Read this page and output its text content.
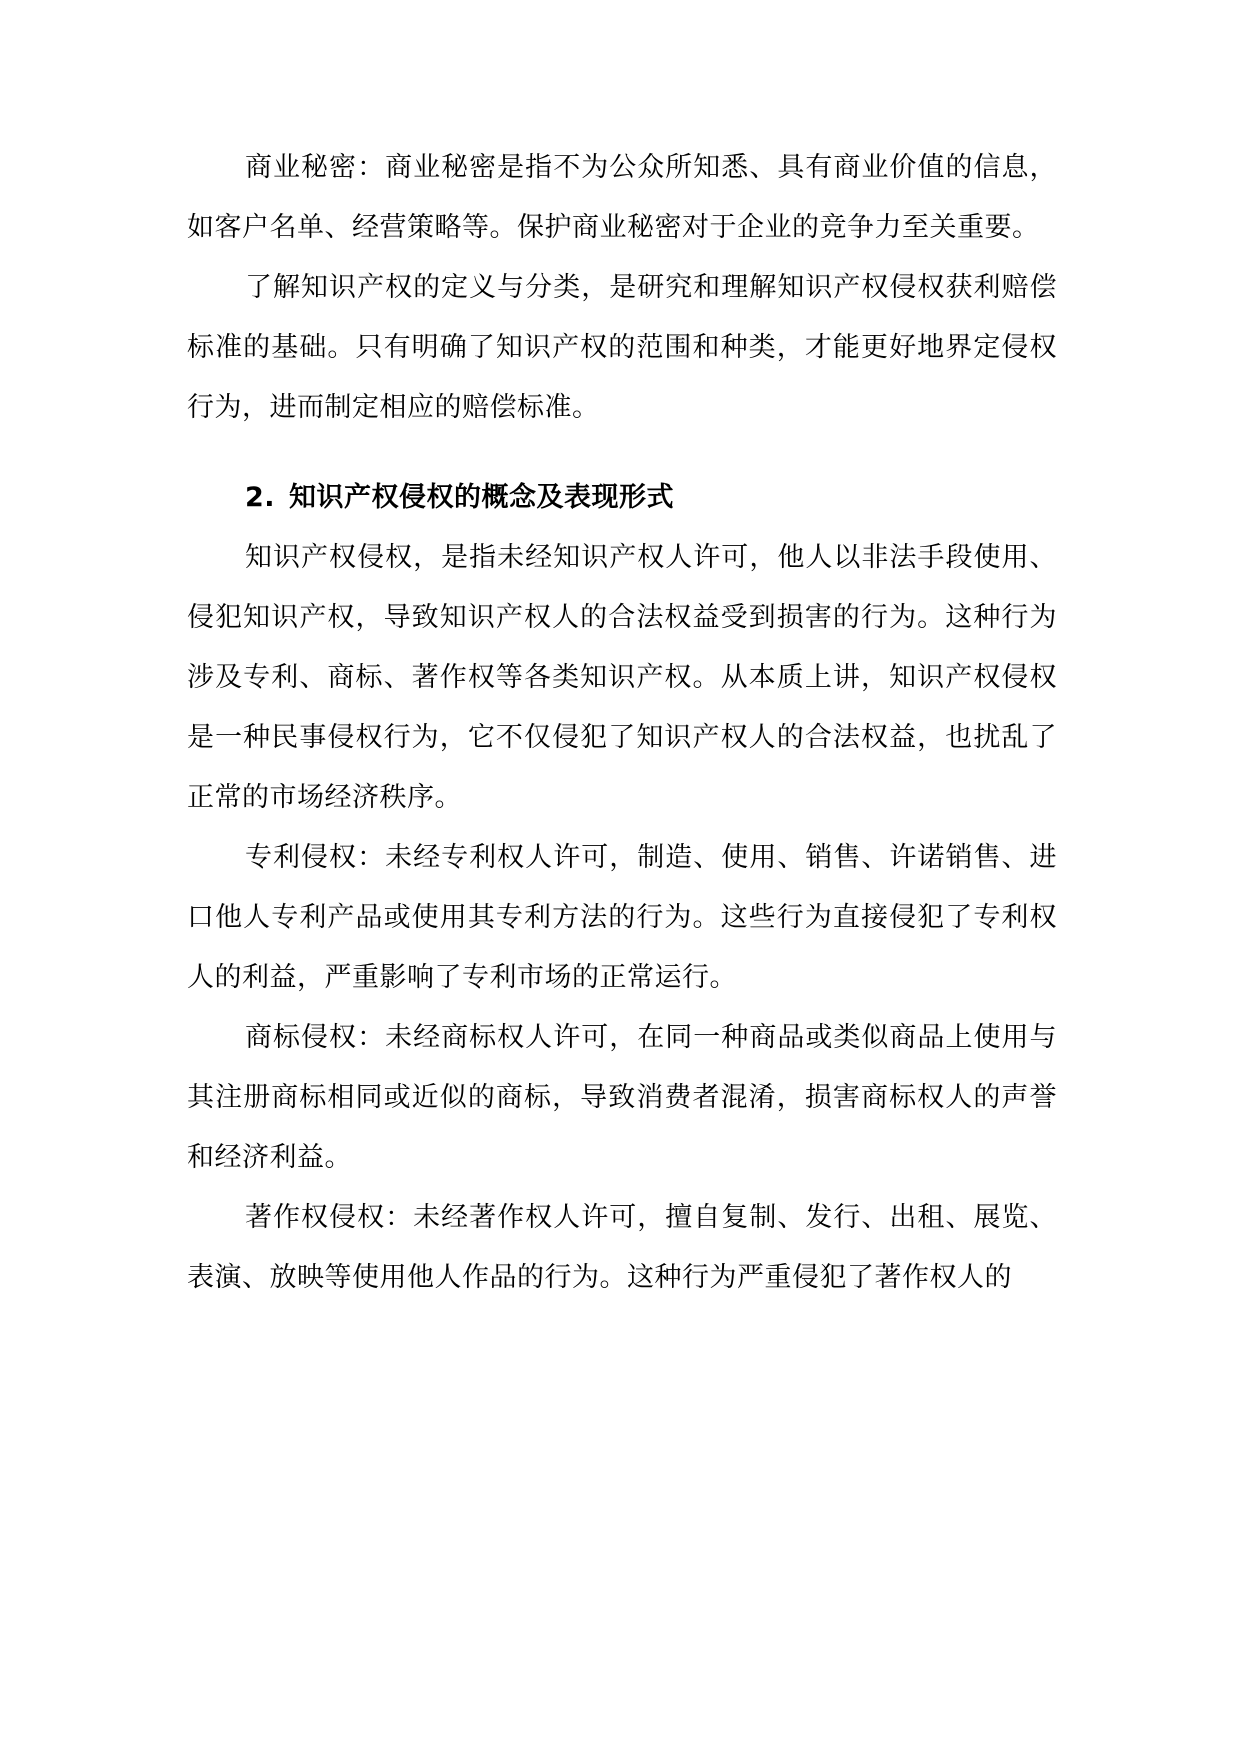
商业秘密：商业秘密是指不为公众所知悉、具有商业价值的信息，如客户名单、经营策略等。保护商业秘密对于企业的竞争力至关重要。

了解知识产权的定义与分类，是研究和理解知识产权侵权获利赔偿标准的基础。只有明确了知识产权的范围和种类，才能更好地界定侵权行为，进而制定相应的赔偿标准。

2. 知识产权侵权的概念及表现形式

知识产权侵权，是指未经知识产权人许可，他人以非法手段使用、侵犯知识产权，导致知识产权人的合法权益受到损害的行为。这种行为涉及专利、商标、著作权等各类知识产权。从本质上讲，知识产权侵权是一种民事侵权行为，它不仅侵犯了知识产权人的合法权益，也扰乱了正常的市场经济秩序。

专利侵权：未经专利权人许可，制造、使用、销售、许诺销售、进口他人专利产品或使用其专利方法的行为。这些行为直接侵犯了专利权人的利益，严重影响了专利市场的正常运行。

商标侵权：未经商标权人许可，在同一种商品或类似商品上使用与其注册商标相同或近似的商标，导致消费者混淆，损害商标权人的声誉和经济利益。

著作权侵权：未经著作权人许可，擅自复制、发行、出租、展览、表演、放映等使用他人作品的行为。这种行为严重侵犯了著作权人的
